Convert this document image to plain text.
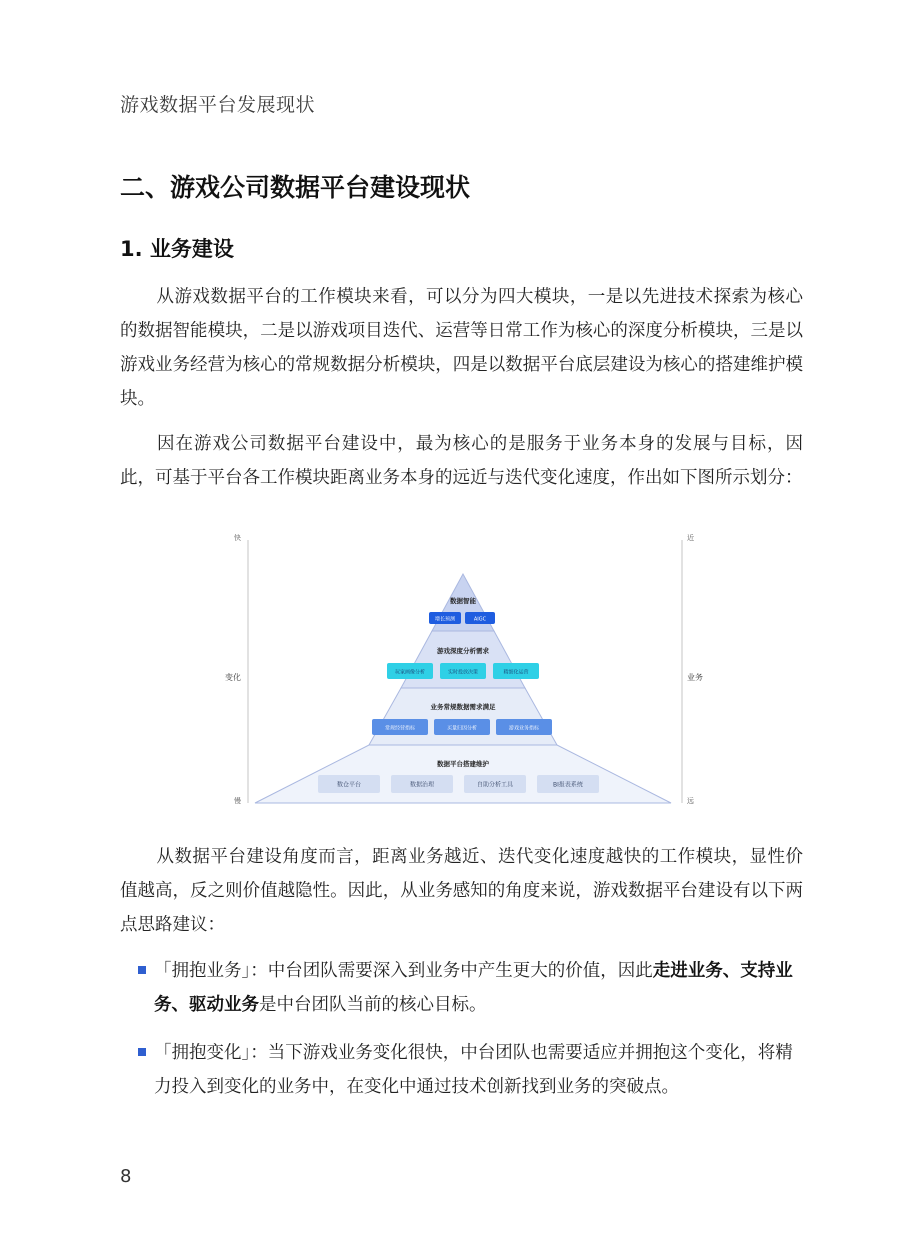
游戏数据平台发展现状
二、游戏公司数据平台建设现状
1. 业务建设

从游戏数据平台的工作模块来看，可以分为四大模块，一是以先进技术探索为核心的数据智能模块，二是以游戏项目迭代、运营等日常工作为核心的深度分析模块，三是以游戏业务经营为核心的常规数据分析模块，四是以数据平台底层建设为核心的搭建维护模块。

因在游戏公司数据平台建设中，最为核心的是服务于业务本身的发展与目标，因此，可基于平台各工作模块距离业务本身的远近与迭代变化速度，作出如下图所示划分：

快
变化
慢
近
业务
远
数据智能
增长预测	AIGC
游戏深度分析需求
玩家画像分析	实时投放决策	精细化运营
业务常规数据需求满足
常规经营指标	买量归因分析	游戏业务指标
数据平台搭建维护
数仓平台	数据治理	自助分析工具	BI报表系统

从数据平台建设角度而言，距离业务越近、迭代变化速度越快的工作模块，显性价值越高，反之则价值越隐性。因此，从业务感知的角度来说，游戏数据平台建设有以下两点思路建议：

「拥抱业务」：中台团队需要深入到业务中产生更大的价值，因此走进业务、支持业务、驱动业务是中台团队当前的核心目标。
「拥抱变化」：当下游戏业务变化很快，中台团队也需要适应并拥抱这个变化，将精力投入到变化的业务中，在变化中通过技术创新找到业务的突破点。
8
